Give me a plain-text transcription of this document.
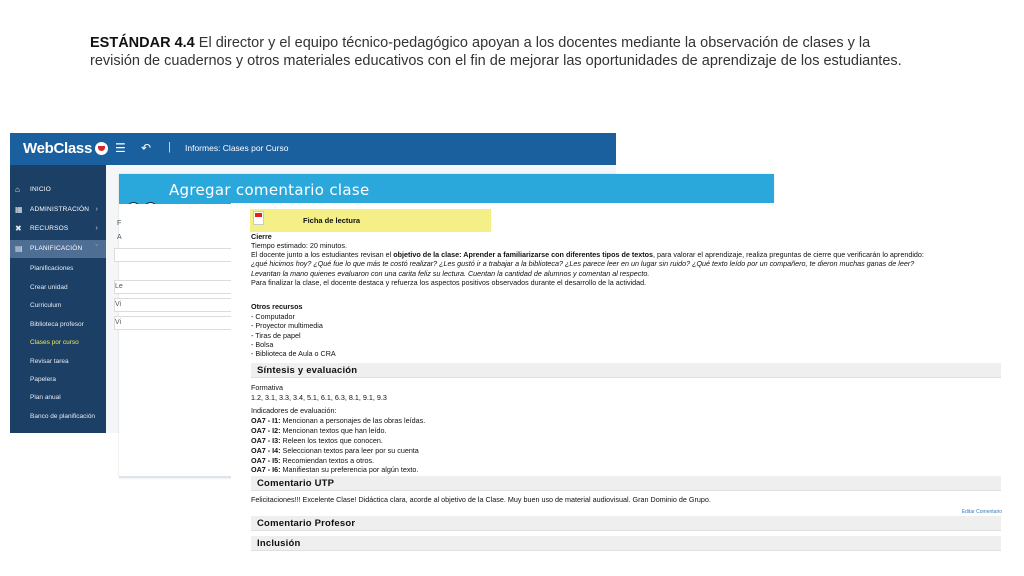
ESTÁNDAR 4.4 El director y el equipo técnico-pedagógico apoyan a los docentes mediante la observación de clases y la revisión de cuadernos y otros materiales educativos con el fin de mejorar las oportunidades de aprendizaje de los estudiantes.
WebClass	☰ ↶ | Informes: Clases por Curso
⌂ INICIO
▦ ADMINISTRACIÓN ›
✖ RECURSOS	›
▤ PLANIFICACIÓN ˇ
Planificaciones
Crear unidad
Curriculum
Biblioteca profesor
Clases por curso
Revisar tarea
Papelera
Plan anual
Banco de planificación
Agregar comentario clase
F
A
Le
Vi
Vi
Ficha de lectura
Cierre
Tiempo estimado: 20 minutos.
El docente junto a los estudiantes revisan el objetivo de la clase: Aprender a familiarizarse con diferentes tipos de textos, para valorar el aprendizaje, realiza preguntas de cierre que verificarán lo aprendido:
¿qué hicimos hoy? ¿Qué fue lo que más te costó realizar? ¿Les gustó ir a trabajar a la biblioteca? ¿Les parece leer en un lugar sin ruido? ¿Qué texto leído por un compañero, te dieron muchas ganas de leer?
Levantan la mano quienes evaluaron con una carita feliz su lectura. Cuentan la cantidad de alumnos y comentan al respecto.
Para finalizar la clase, el docente destaca y refuerza los aspectos positivos observados durante el desarrollo de la actividad.
Otros recursos
- Computador
- Proyector multimedia
- Tiras de papel
- Bolsa
- Biblioteca de Aula o CRA
Síntesis y evaluación
Formativa
1.2, 3.1, 3.3, 3.4, 5.1, 6.1, 6.3, 8.1, 9.1, 9.3
Indicadores de evaluación:
OA7 - I1: Mencionan a personajes de las obras leídas.
OA7 - I2: Mencionan textos que han leído.
OA7 - I3: Releen los textos que conocen.
OA7 - I4: Seleccionan textos para leer por su cuenta
OA7 - I5: Recomiendan textos a otros.
OA7 - I6: Manifiestan su preferencia por algún texto.
Comentario UTP
Felicitaciones!!! Excelente Clase! Didáctica clara, acorde al objetivo de la Clase. Muy buen uso de material audiovisual. Gran Dominio de Grupo.
Editar Comentario
Comentario Profesor
Inclusión
